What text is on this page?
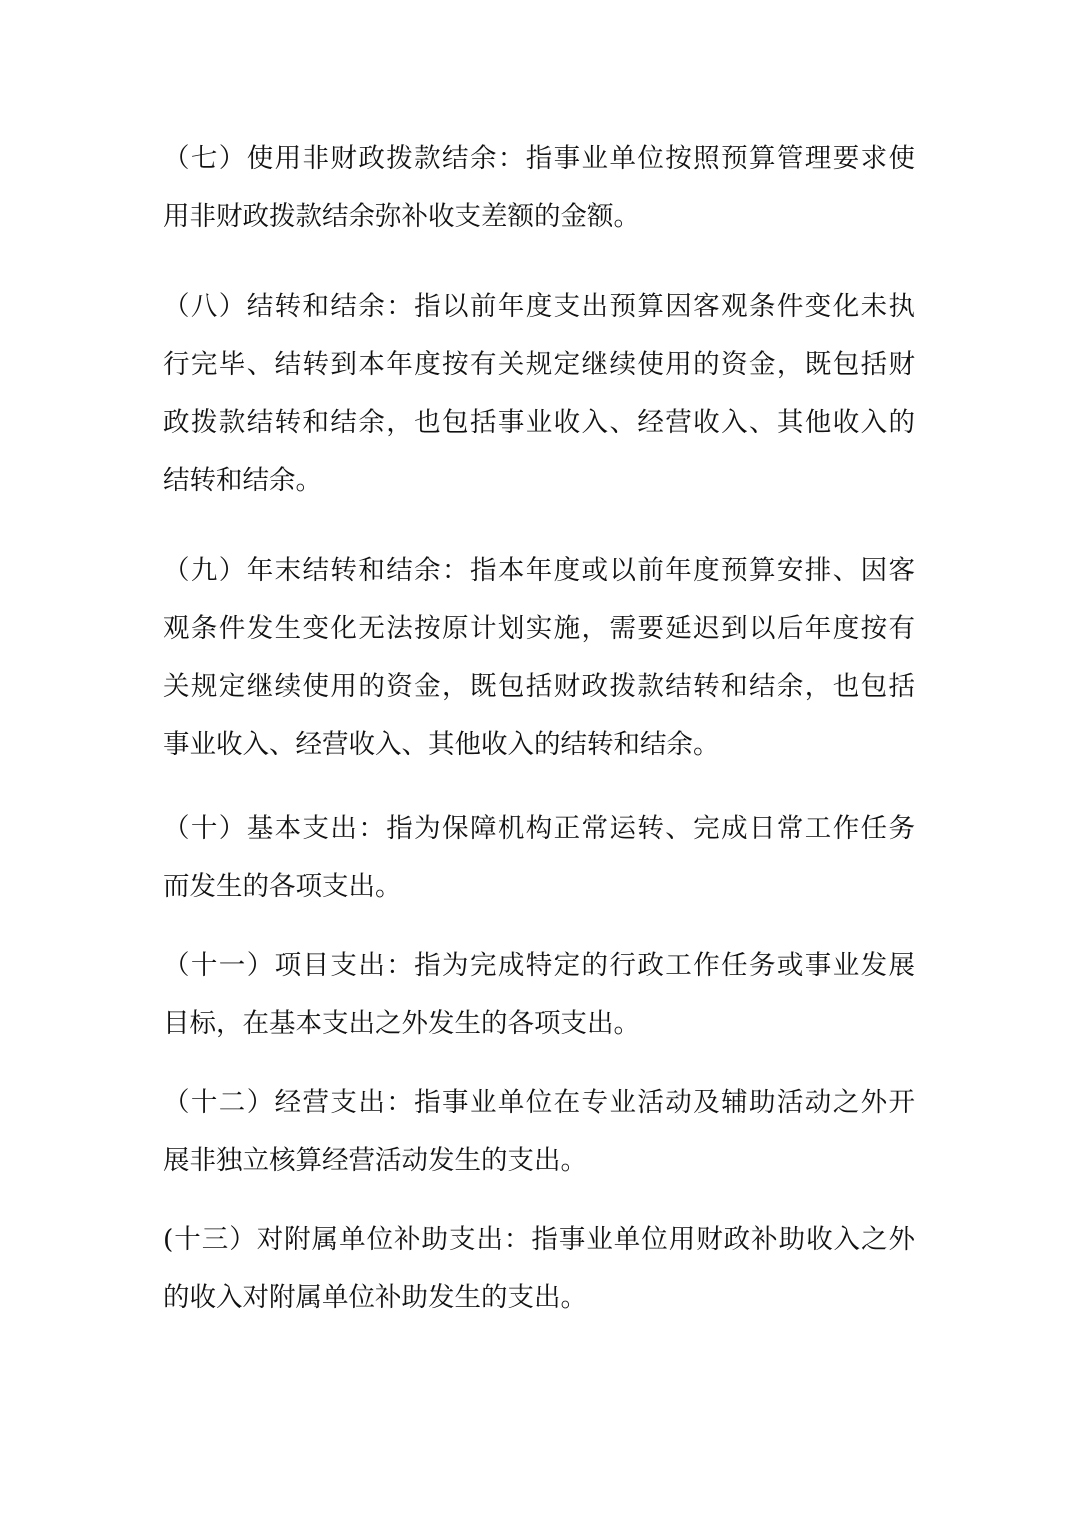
（七）使用非财政拨款结余：指事业单位按照预算管理要求使
用非财政拨款结余弥补收支差额的金额。
（八）结转和结余：指以前年度支出预算因客观条件变化未执
行完毕、结转到本年度按有关规定继续使用的资金，既包括财
政拨款结转和结余，也包括事业收入、经营收入、其他收入的
结转和结余。
（九）年末结转和结余：指本年度或以前年度预算安排、因客
观条件发生变化无法按原计划实施，需要延迟到以后年度按有
关规定继续使用的资金，既包括财政拨款结转和结余，也包括
事业收入、经营收入、其他收入的结转和结余。
（十）基本支出：指为保障机构正常运转、完成日常工作任务
而发生的各项支出。
（十一）项目支出：指为完成特定的行政工作任务或事业发展
目标，在基本支出之外发生的各项支出。
（十二）经营支出：指事业单位在专业活动及辅助活动之外开
展非独立核算经营活动发生的支出。
(十三）对附属单位补助支出：指事业单位用财政补助收入之外
的收入对附属单位补助发生的支出。
